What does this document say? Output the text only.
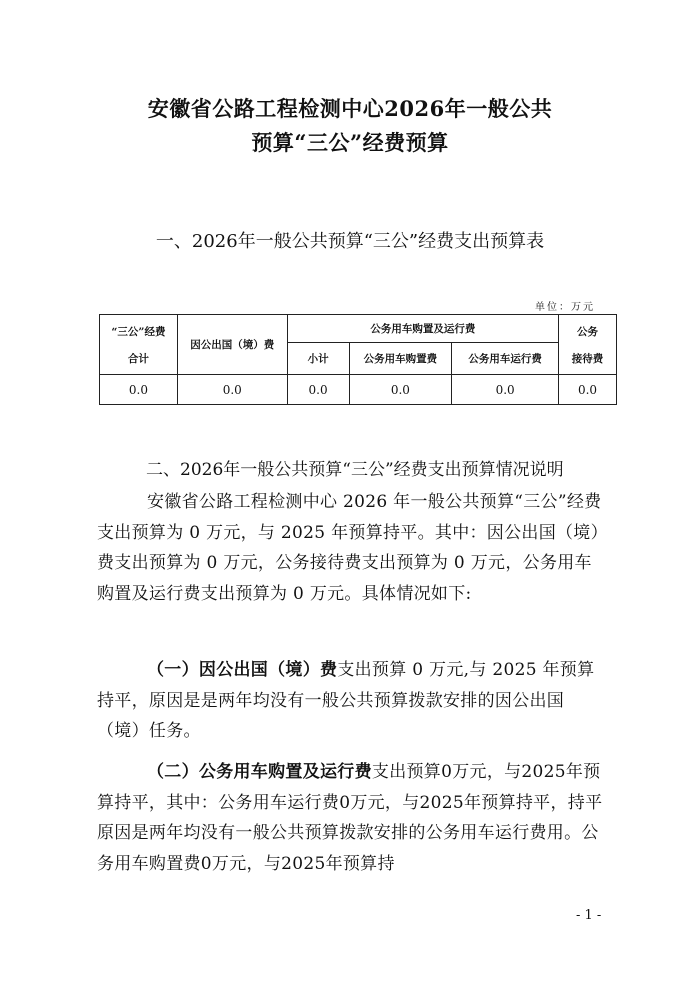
安徽省公路工程检测中心2026年一般公共
预算“三公”经费预算
一、2026年一般公共预算“三公”经费支出预算表
单位：万元
“三公”经费
合计	因公出国（境）费	公务用车购置及运行费			公务
接待费

		小计	公务用车购置费	公务用车运行费	
0.0	0.0	0.0	0.0	0.0	0.0
二、2026年一般公共预算“三公”经费支出预算情况说明
安徽省公路工程检测中心 2026 年一般公共预算“三公”经费支出预算为 0 万元，与 2025 年预算持平。其中：因公出国（境）费支出预算为 0 万元，公务接待费支出预算为 0 万元，公务用车购置及运行费支出预算为 0 万元。具体情况如下:
（一）因公出国（境）费支出预算 0 万元,与 2025 年预算持平，原因是是两年均没有一般公共预算拨款安排的因公出国（境）任务。
（二）公务用车购置及运行费支出预算0万元，与2025年预算持平，其中：公务用车运行费0万元，与2025年预算持平，持平原因是两年均没有一般公共预算拨款安排的公务用车运行费用。公务用车购置费0万元，与2025年预算持
- 1 -
